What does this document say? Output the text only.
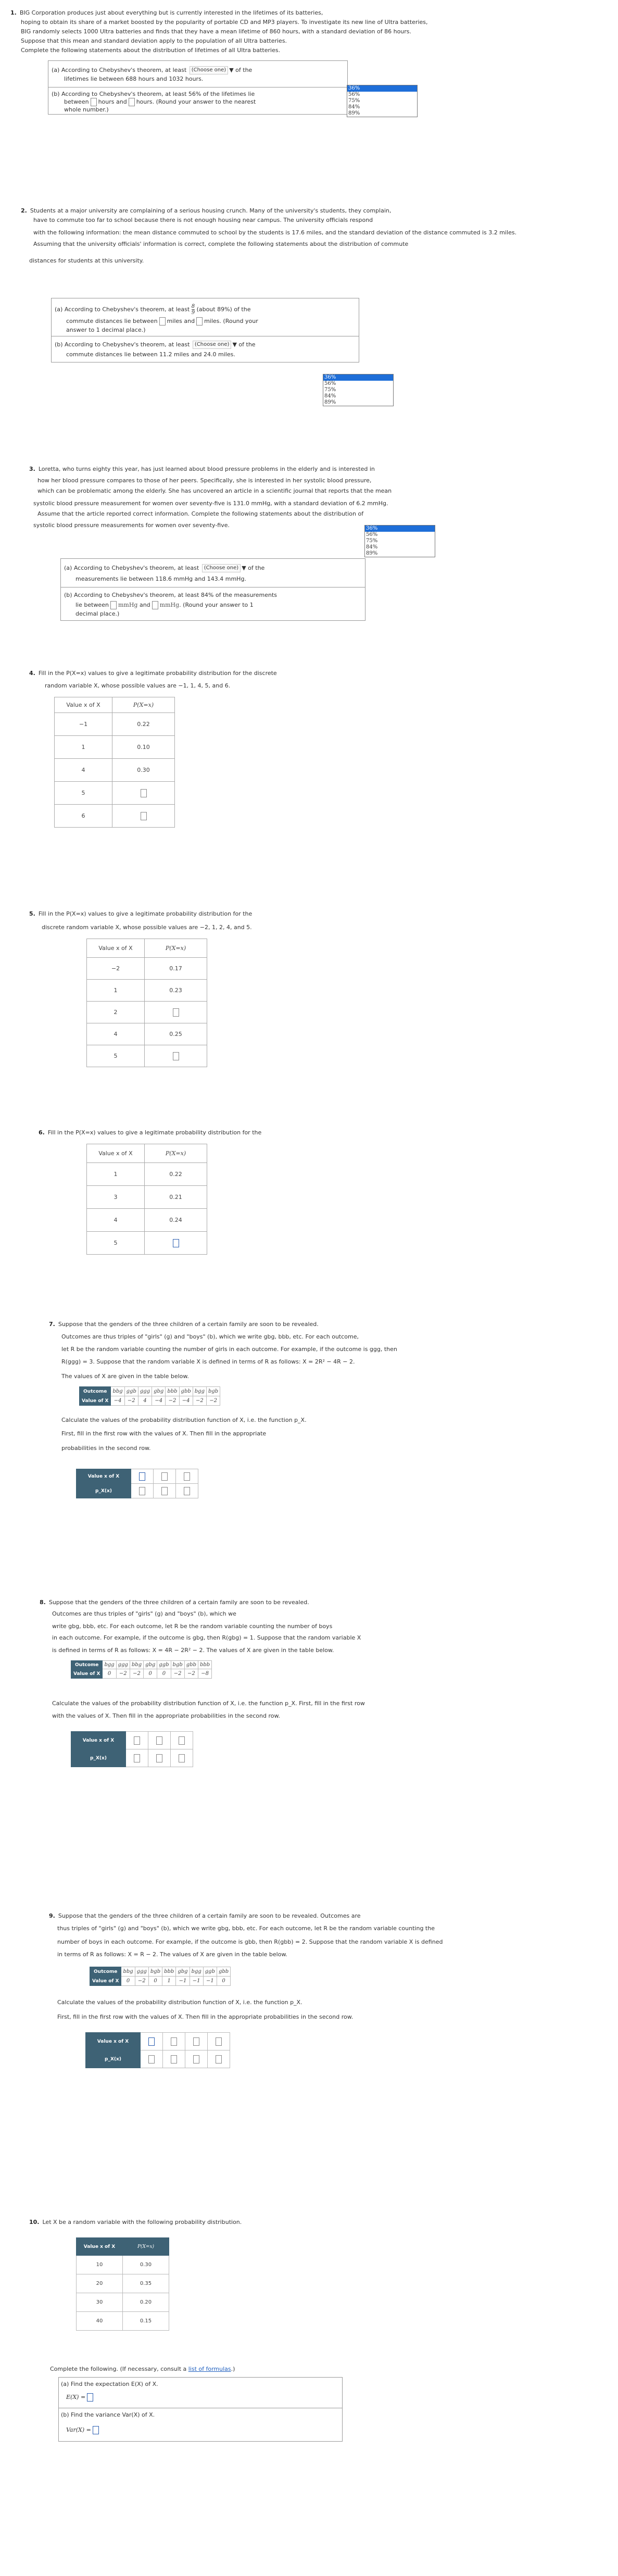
1. BIG Corporation produces just about everything but is currently interested in the lifetimes of its batteries,
hoping to obtain its share of a market boosted by the popularity of portable CD and MP3 players. To investigate its new line of Ultra batteries,
BIG randomly selects 1000 Ultra batteries and finds that they have a mean lifetime of 860 hours, with a standard deviation of 86 hours.
Suppose that this mean and standard deviation apply to the population of all Ultra batteries.
Complete the following statements about the distribution of lifetimes of all Ultra batteries.
(a) According to Chebyshev's theorem, at least (Choose one) ▼ of the
lifetimes lie between 688 hours and 1032 hours.
(b) According to Chebyshev's theorem, at least 56% of the lifetimes lie
between hours and hours. (Round your answer to the nearest
whole number.)
36%
56%
75%
84%
89%
2. Students at a major university are complaining of a serious housing crunch. Many of the university's students, they complain,
have to commute too far to school because there is not enough housing near campus. The university officials respond
with the following information: the mean distance commuted to school by the students is 17.6 miles, and the standard deviation of the distance commuted is 3.2 miles.
Assuming that the university officials' information is correct, complete the following statements about the distribution of commute
distances for students at this university.
(a) According to Chebyshev's theorem, at least $\frac{8}{9}$ (about 89%) of the
commute distances lie between miles and miles. (Round your
answer to 1 decimal place.)
(b) According to Chebyshev's theorem, at least (Choose one) ▼ of the
commute distances lie between 11.2 miles and 24.0 miles.
36%
56%
75%
84%
89%
3. Loretta, who turns eighty this year, has just learned about blood pressure problems in the elderly and is interested in
how her blood pressure compares to those of her peers. Specifically, she is interested in her systolic blood pressure,
which can be problematic among the elderly. She has uncovered an article in a scientific journal that reports that the mean
systolic blood pressure measurement for women over seventy-five is 131.0 mmHg, with a standard deviation of 6.2 mmHg.
Assume that the article reported correct information. Complete the following statements about the distribution of
systolic blood pressure measurements for women over seventy-five.
(a) According to Chebyshev's theorem, at least (Choose one) ▼ of the
measurements lie between 118.6 mmHg and 143.4 mmHg.
(b) According to Chebyshev's theorem, at least 84% of the measurements
lie between mmHg and mmHg. (Round your answer to 1
decimal place.)
36%
56%
75%
84%
89%
4. Fill in the P(X=x) values to give a legitimate probability distribution for the discrete
random variable X, whose possible values are −1, 1, 4, 5, and 6.
Value x of X	P(X=x)
−1	0.22
1	0.10
4	0.30
5	
6	
5. Fill in the P(X=x) values to give a legitimate probability distribution for the
discrete random variable X, whose possible values are −2, 1, 2, 4, and 5.
Value x of X	P(X=x)
−2	0.17
1	0.23
2	
4	0.25
5	
6. Fill in the P(X=x) values to give a legitimate probability distribution for the
Value x of X	P(X=x)
1	0.22
3	0.21
4	0.24
5	
7. Suppose that the genders of the three children of a certain family are soon to be revealed.
Outcomes are thus triples of "girls" (g) and "boys" (b), which we write gbg, bbb, etc. For each outcome,
let R be the random variable counting the number of girls in each outcome. For example, if the outcome is ggg, then
R(ggg) = 3. Suppose that the random variable X is defined in terms of R as follows: X = 2R² − 4R − 2.
The values of X are given in the table below.
Outcome	bbg	ggb	ggg	gbg	bbb	gbb	bgg	bgb
Value of X	−4	−2	4	−4	−2	−4	−2	−2
Calculate the values of the probability distribution function of X, i.e. the function p_X.
First, fill in the first row with the values of X. Then fill in the appropriate
probabilities in the second row.
Value x of X			
p_X(x)			
8. Suppose that the genders of the three children of a certain family are soon to be revealed.
Outcomes are thus triples of "girls" (g) and "boys" (b), which we
write gbg, bbb, etc. For each outcome, let R be the random variable counting the number of boys
in each outcome. For example, if the outcome is gbg, then R(gbg) = 1. Suppose that the random variable X
is defined in terms of R as follows: X = 4R − 2R² − 2. The values of X are given in the table below.
Outcome	bgg	ggg	bbg	gbg	ggb	bgb	gbb	bbb
Value of X	0	−2	−2	0	0	−2	−2	−8
Calculate the values of the probability distribution function of X, i.e. the function p_X. First, fill in the first row
with the values of X. Then fill in the appropriate probabilities in the second row.
Value x of X			
p_X(x)			
9. Suppose that the genders of the three children of a certain family are soon to be revealed. Outcomes are
thus triples of "girls" (g) and "boys" (b), which we write gbg, bbb, etc. For each outcome, let R be the random variable counting the
number of boys in each outcome. For example, if the outcome is gbb, then R(gbb) = 2. Suppose that the random variable X is defined
in terms of R as follows: X = R − 2. The values of X are given in the table below.
Outcome	bbg	ggg	bgb	bbb	gbg	bgg	ggb	gbb
Value of X	0	−2	0	1	−1	−1	−1	0
Calculate the values of the probability distribution function of X, i.e. the function p_X.
First, fill in the first row with the values of X. Then fill in the appropriate probabilities in the second row.
Value x of X				
p_X(x)				
10. Let X be a random variable with the following probability distribution.
Value x of X	P(X=x)
10	0.30
20	0.35
30	0.20
40	0.15
Complete the following. (If necessary, consult a list of formulas.)
(a) Find the expectation E(X) of X.
E(X) =
(b) Find the variance Var(X) of X.
Var(X) =
